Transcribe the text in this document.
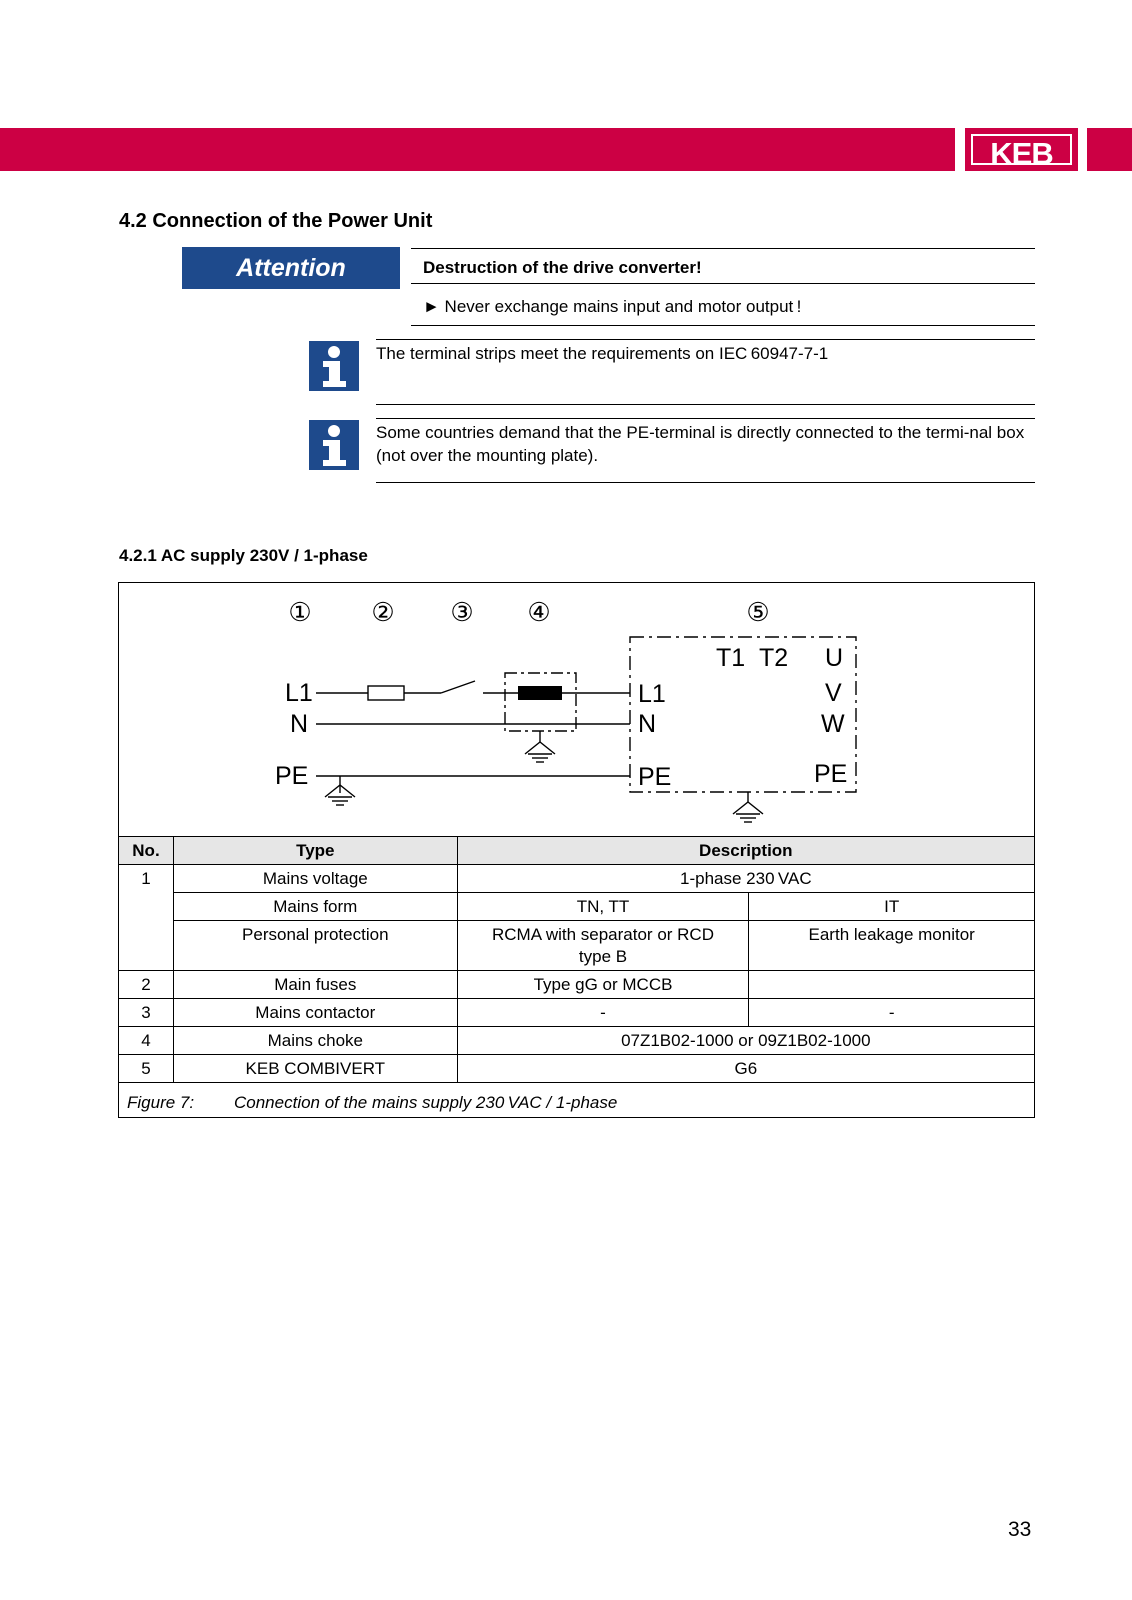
KEB
4.2 Connection of the Power Unit
Attention	Destruction of the drive converter!
► Never exchange mains input and motor output !
The terminal strips meet the requirements on IEC 60947-7-1
Some countries demand that the PE-terminal is directly connected to the termi-nal box (not over the mounting plate).
4.2.1 AC supply 230V / 1-phase
① ② ③ ④	⑤
L1
N
PE
L1
N
PE
T1 T2 U
V
W
PE
No.	Type	Description	
1	Mains voltage	1-phase 230 VAC	
	Mains form	TN, TT	IT
	Personal protection	RCMA with separator or RCD type B	Earth leakage monitor
2	Main fuses	Type gG or MCCB	
3	Mains contactor	-	-
4	Mains choke	07Z1B02-1000 or 09Z1B02-1000	
5	KEB COMBIVERT	G6	
Figure 7: Connection of the mains supply 230 VAC / 1-phase
33
